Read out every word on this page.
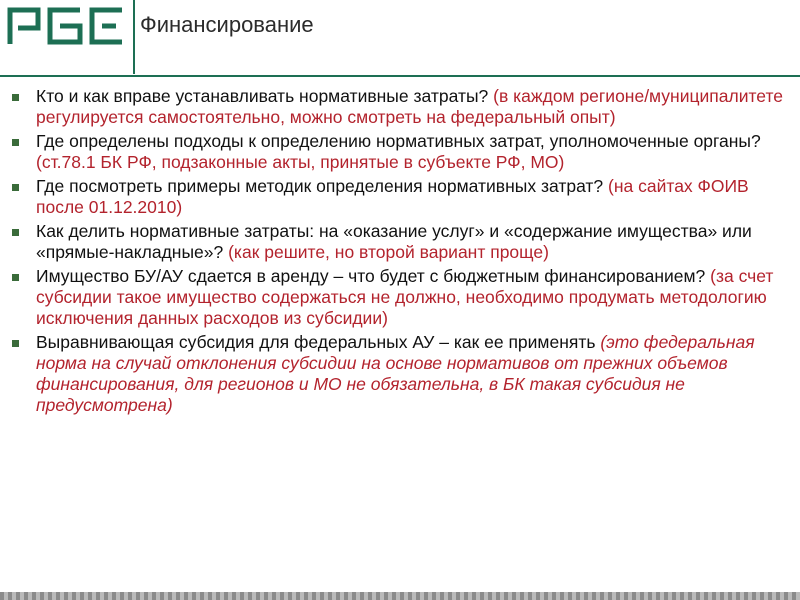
Финансирование
Кто и как вправе устанавливать нормативные затраты? (в каждом регионе/муниципалитете регулируется самостоятельно, можно смотреть на федеральный опыт)
Где определены подходы к определению нормативных затрат, уполномоченные органы? (ст.78.1 БК РФ, подзаконные акты, принятые в субъекте РФ, МО)
Где посмотреть примеры методик определения нормативных затрат? (на сайтах ФОИВ после 01.12.2010)
Как делить нормативные затраты: на «оказание услуг» и «содержание имущества» или «прямые-накладные»? (как решите, но второй вариант проще)
Имущество БУ/АУ сдается в аренду – что будет с бюджетным финансированием? (за счет субсидии такое имущество содержаться не должно, необходимо продумать методологию исключения данных расходов из субсидии)
Выравнивающая субсидия для федеральных АУ – как ее применять (это федеральная норма на случай отклонения субсидии на основе нормативов от прежних объемов финансирования, для регионов и МО не обязательна, в БК такая субсидия не предусмотрена)
